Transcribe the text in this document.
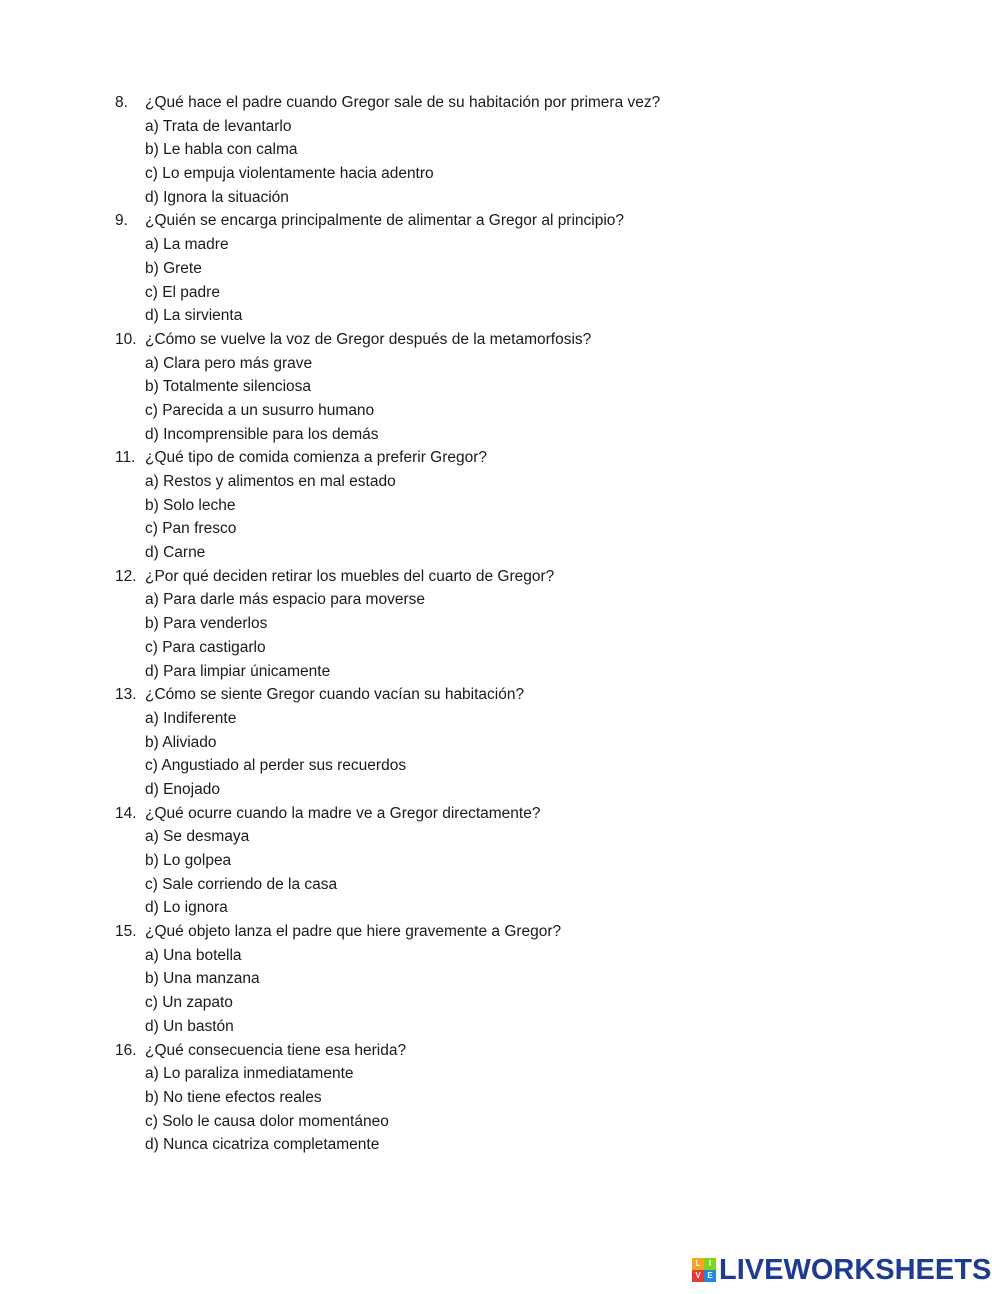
8.	¿Qué hace el padre cuando Gregor sale de su habitación por primera vez?
a) Trata de levantarlo
b) Le habla con calma
c) Lo empuja violentamente hacia adentro
d) Ignora la situación
9.	¿Quién se encarga principalmente de alimentar a Gregor al principio?
a) La madre
b) Grete
c) El padre
d) La sirvienta
10. ¿Cómo se vuelve la voz de Gregor después de la metamorfosis?
a) Clara pero más grave
b) Totalmente silenciosa
c) Parecida a un susurro humano
d) Incomprensible para los demás
11. ¿Qué tipo de comida comienza a preferir Gregor?
a) Restos y alimentos en mal estado
b) Solo leche
c) Pan fresco
d) Carne
12. ¿Por qué deciden retirar los muebles del cuarto de Gregor?
a) Para darle más espacio para moverse
b) Para venderlos
c) Para castigarlo
d) Para limpiar únicamente
13. ¿Cómo se siente Gregor cuando vacían su habitación?
a) Indiferente
b) Aliviado
c) Angustiado al perder sus recuerdos
d) Enojado
14. ¿Qué ocurre cuando la madre ve a Gregor directamente?
a) Se desmaya
b) Lo golpea
c) Sale corriendo de la casa
d) Lo ignora
15. ¿Qué objeto lanza el padre que hiere gravemente a Gregor?
a) Una botella
b) Una manzana
c) Un zapato
d) Un bastón
16. ¿Qué consecuencia tiene esa herida?
a) Lo paraliza inmediatamente
b) No tiene efectos reales
c) Solo le causa dolor momentáneo
d) Nunca cicatriza completamente
L	I
V E LIVEWORKSHEETS
